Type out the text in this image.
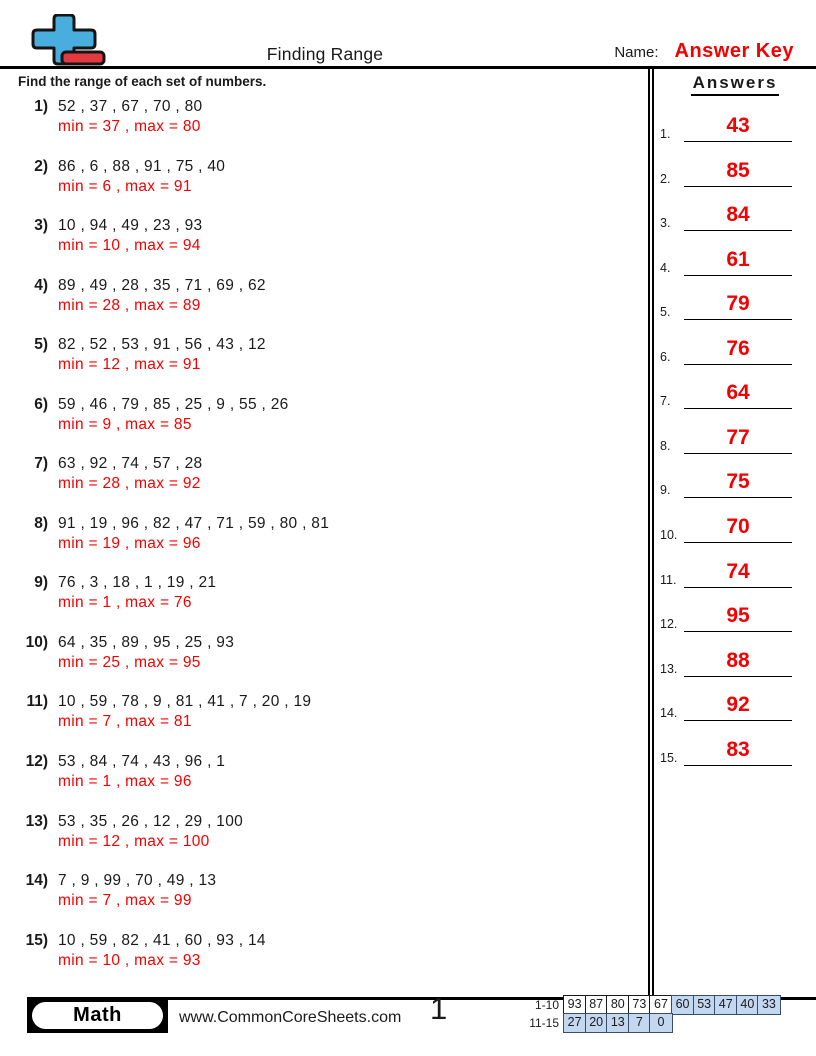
Finding Range	Name: Answer Key
Find the range of each set of numbers.
1) 52 , 37 , 67 , 70 , 80
min = 37 , max = 80
2) 86 , 6 , 88 , 91 , 75 , 40
min = 6 , max = 91
3) 10 , 94 , 49 , 23 , 93
min = 10 , max = 94
4) 89 , 49 , 28 , 35 , 71 , 69 , 62
min = 28 , max = 89
5) 82 , 52 , 53 , 91 , 56 , 43 , 12
min = 12 , max = 91
6) 59 , 46 , 79 , 85 , 25 , 9 , 55 , 26
min = 9 , max = 85
7) 63 , 92 , 74 , 57 , 28
min = 28 , max = 92
8) 91 , 19 , 96 , 82 , 47 , 71 , 59 , 80 , 81
min = 19 , max = 96
9) 76 , 3 , 18 , 1 , 19 , 21
min = 1 , max = 76
10) 64 , 35 , 89 , 95 , 25 , 93
min = 25 , max = 95
11) 10 , 59 , 78 , 9 , 81 , 41 , 7 , 20 , 19
min = 7 , max = 81
12) 53 , 84 , 74 , 43 , 96 , 1
min = 1 , max = 96
13) 53 , 35 , 26 , 12 , 29 , 100
min = 12 , max = 100
14) 7 , 9 , 99 , 70 , 49 , 13
min = 7 , max = 99
15) 10 , 59 , 82 , 41 , 60 , 93 , 14
min = 10 , max = 93
Answers
1.	43
2.	85
3.	84
4.	61
5.	79
6.	76
7.	64
8.	77
9.	75
10.	70
11.	74
12.	95
13.	88
14.	92
15.	83
Math	www.CommonCoreSheets.com 1	1-10 93 87 80 73 67 60 53 47 40 33
11-15 27 20 13 7	0
